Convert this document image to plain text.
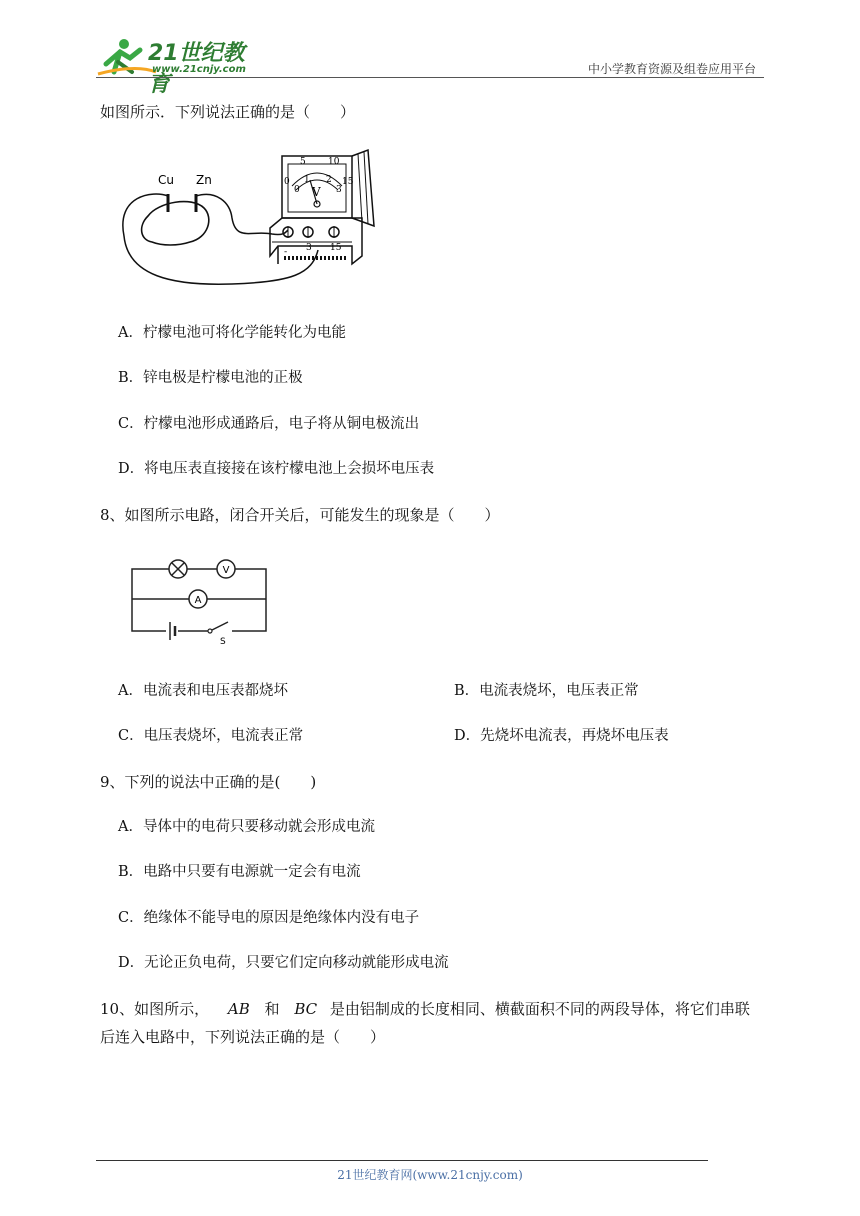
21世纪教育
www.21cnjy.com	中小学教育资源及组卷应用平台
如图所示．下列说法正确的是（　　）
Cu Zn
5 10
0
0
1 2
3
15
V
- 3 15
A．柠檬电池可将化学能转化为电能
B．锌电极是柠檬电池的正极
C．柠檬电池形成通路后，电子将从铜电极流出
D．将电压表直接接在该柠檬电池上会损坏电压表
8、如图所示电路，闭合开关后，可能发生的现象是（　　）
V
A
S
A．电流表和电压表都烧坏	B．电流表烧坏，电压表正常
C．电压表烧坏，电流表正常	D．先烧坏电流表，再烧坏电压表
9、下列的说法中正确的是(　　)
A．导体中的电荷只要移动就会形成电流
B．电路中只要有电源就一定会有电流
C．绝缘体不能导电的原因是绝缘体内没有电子
D．无论正负电荷，只要它们定向移动就能形成电流
10、如图所示， AB 和 BC 是由铝制成的长度相同、横截面积不同的两段导体，将它们串联
后连入电路中，下列说法正确的是（　　）
21世纪教育网(www.21cnjy.com)
